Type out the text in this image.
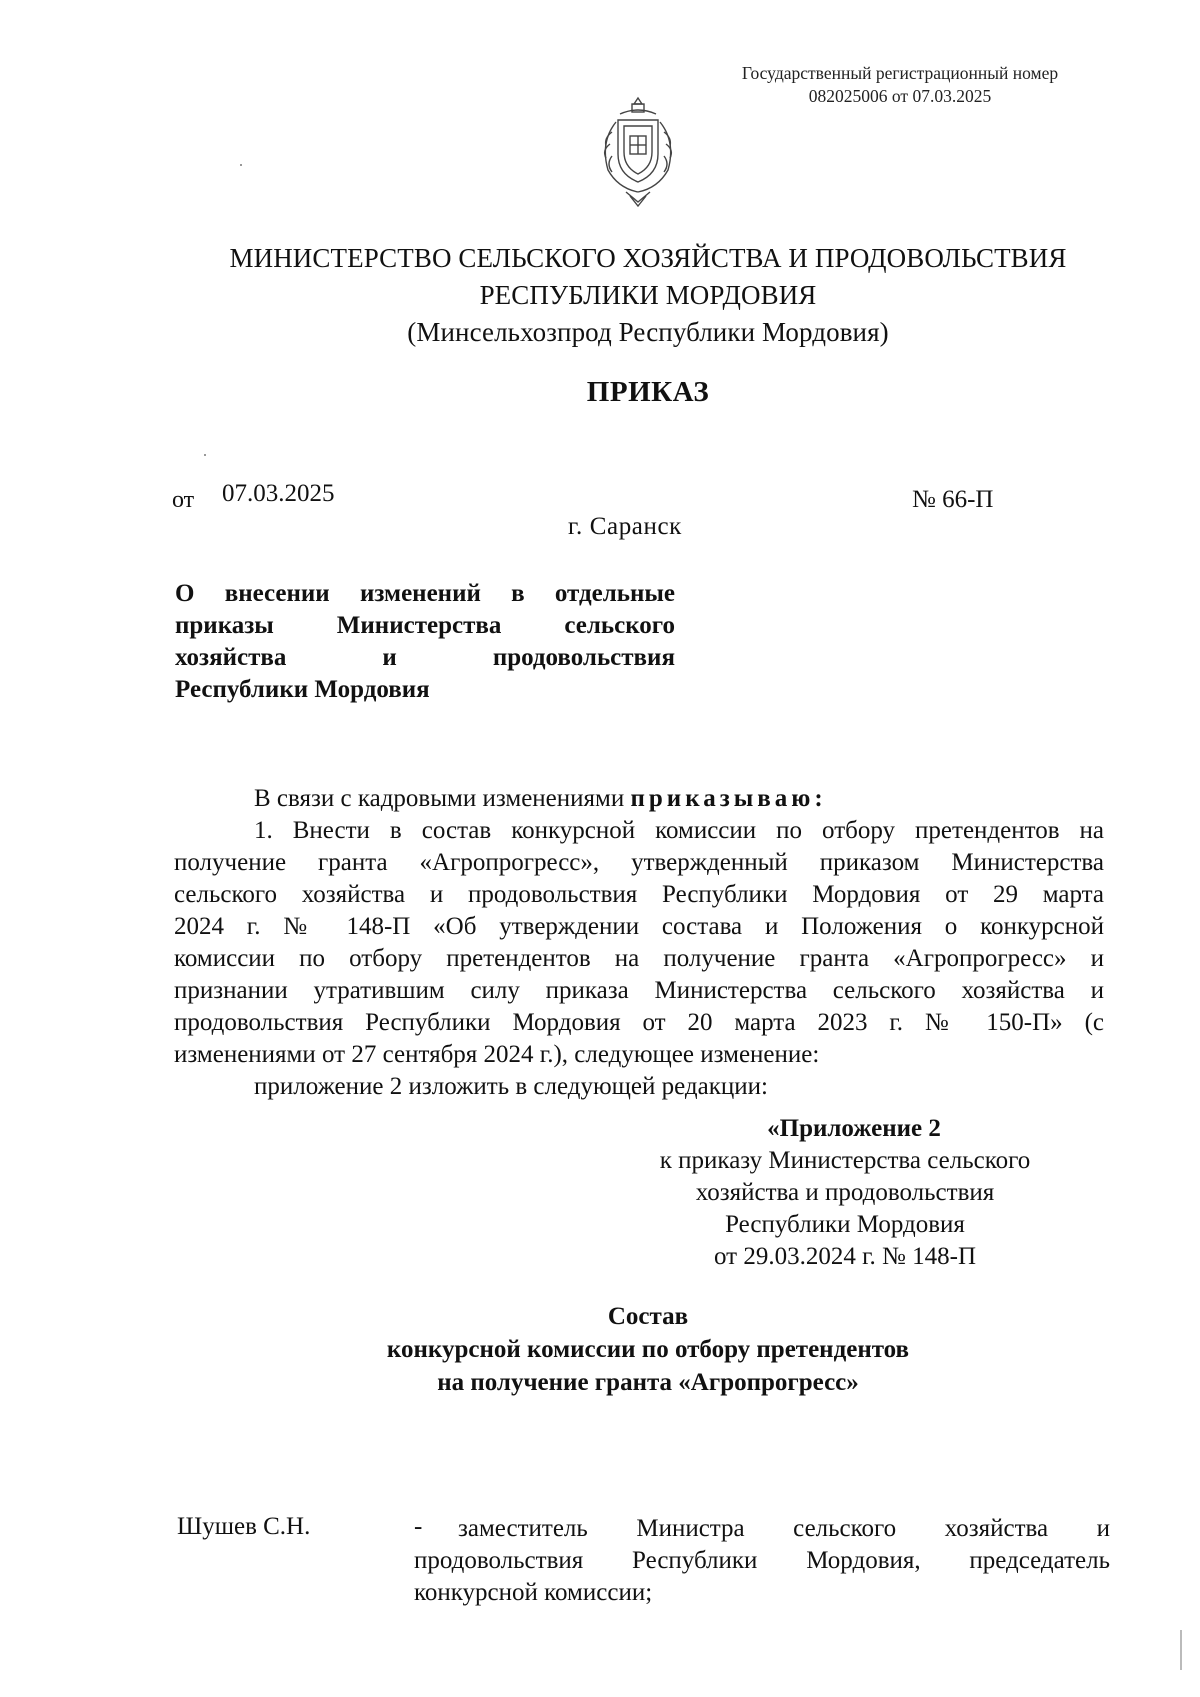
Государственный регистрационный номер
082025006 от 07.03.2025
МИНИСТЕРСТВО СЕЛЬСКОГО ХОЗЯЙСТВА И ПРОДОВОЛЬСТВИЯ
РЕСПУБЛИКИ МОРДОВИЯ
(Минсельхозпрод Республики Мордовия)
ПРИКАЗ
от 07.03.2025	№ 66-П
г. Саранск
О внесении изменений в отдельные
приказы Министерства сельского
хозяйства и продовольствия
Республики Мордовия
В связи с кадровыми изменениями приказываю:
1. Внести в состав конкурсной комиссии по отбору претендентов на
получение гранта «Агропрогресс», утвержденный приказом Министерства
сельского хозяйства и продовольствия Республики Мордовия от 29 марта
2024 г. № 148-П «Об утверждении состава и Положения о конкурсной
комиссии по отбору претендентов на получение гранта «Агропрогресс» и
признании утратившим силу приказа Министерства сельского хозяйства и
продовольствия Республики Мордовия от 20 марта 2023 г. № 150-П» (с
изменениями от 27 сентября 2024 г.), следующее изменение:
приложение 2 изложить в следующей редакции:
«Приложение 2
к приказу Министерства сельского
хозяйства и продовольствия
Республики Мордовия
от 29.03.2024 г. № 148-П
Состав
конкурсной комиссии по отбору претендентов
на получение гранта «Агропрогресс»
Шушев С.Н.	-	заместитель Министра сельского хозяйства и
продовольствия Республики Мордовия, председатель
конкурсной комиссии;
